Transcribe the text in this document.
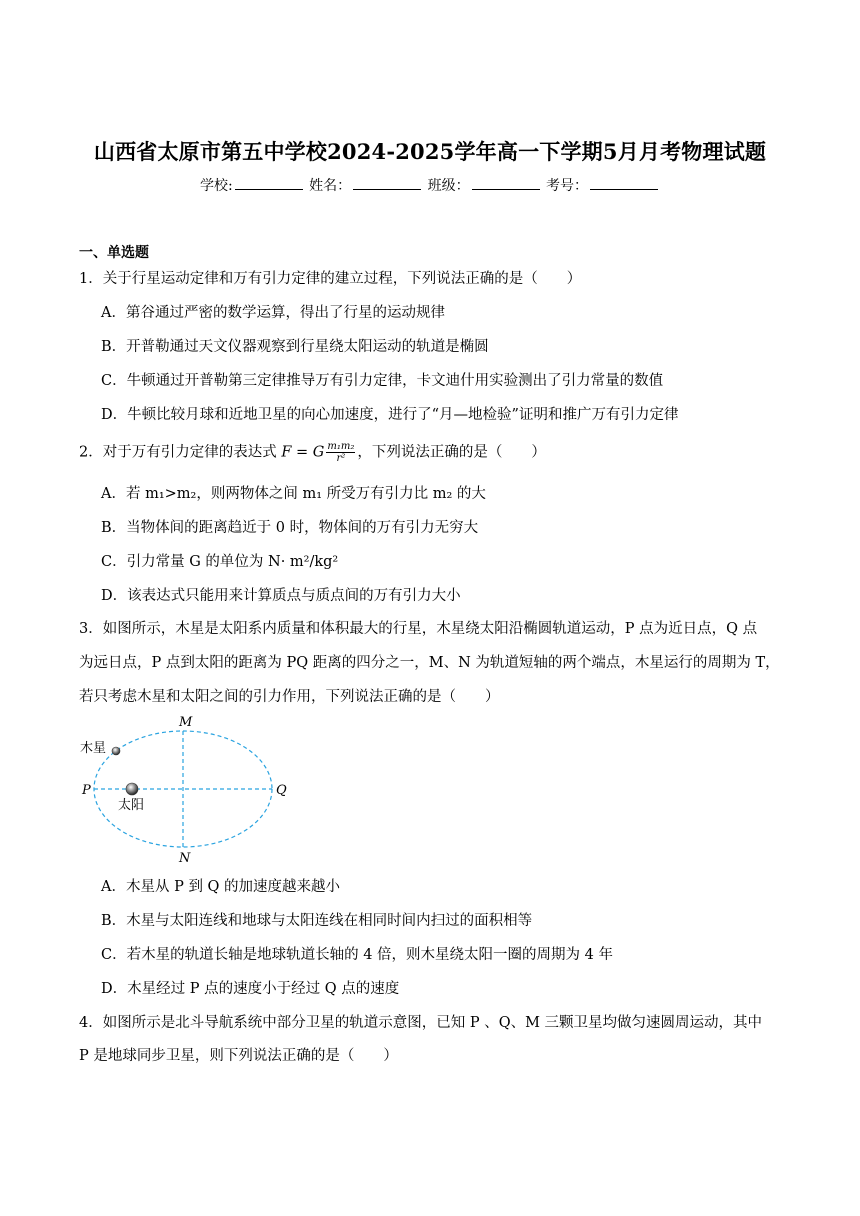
山西省太原市第五中学校2024-2025学年高一下学期5月月考物理试题
学校:	姓名：	班级：	考号：
一、单选题
1．关于行星运动定律和万有引力定律的建立过程，下列说法正确的是（　　）
A．第谷通过严密的数学运算，得出了行星的运动规律
B．开普勒通过天文仪器观察到行星绕太阳运动的轨道是椭圆
C．牛顿通过开普勒第三定律推导万有引力定律，卡文迪什用实验测出了引力常量的数值
D．牛顿比较月球和近地卫星的向心加速度，进行了“月—地检验”证明和推广万有引力定律
2．对于万有引力定律的表达式 F = G $\frac{\text{m₁m₂}}{\text{r²}}$ ，下列说法正确的是（　　）
A．若 m₁>m₂，则两物体之间 m₁ 所受万有引力比 m₂ 的大
B．当物体间的距离趋近于 0 时，物体间的万有引力无穷大
C．引力常量 G 的单位为 N· m²/kg²
D．该表达式只能用来计算质点与质点间的万有引力大小
3．如图所示，木星是太阳系内质量和体积最大的行星，木星绕太阳沿椭圆轨道运动，P 点为近日点，Q 点
为远日点，P 点到太阳的距离为 PQ 距离的四分之一，M、N 为轨道短轴的两个端点，木星运行的周期为 T，
若只考虑木星和太阳之间的引力作用，下列说法正确的是（　　）
M
N
P	Q
木星
太阳
A．木星从 P 到 Q 的加速度越来越小
B．木星与太阳连线和地球与太阳连线在相同时间内扫过的面积相等
C．若木星的轨道长轴是地球轨道长轴的 4 倍，则木星绕太阳一圈的周期为 4 年
D．木星经过 P 点的速度小于经过 Q 点的速度
4．如图所示是北斗导航系统中部分卫星的轨道示意图，已知 P 、Q、M 三颗卫星均做匀速圆周运动，其中
P 是地球同步卫星，则下列说法正确的是（　　）
